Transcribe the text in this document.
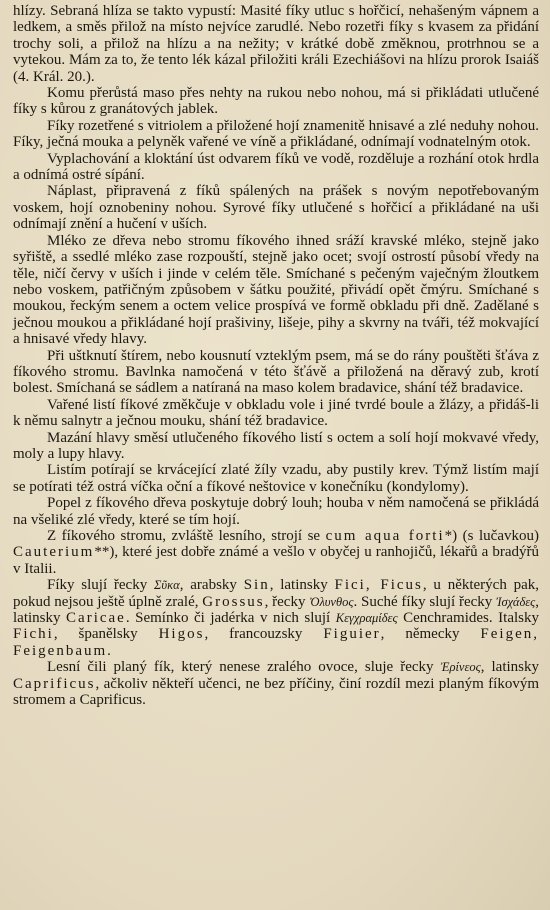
hlízy. Sebraná hlíza se takto vypustí: Masité fíky utluc s hořčicí, nehašeným vápnem a ledkem, a směs přilož na místo nejvíce zarudlé. Nebo rozetři fíky s kvasem za přidání trochy soli, a přilož na hlízu a na nežity; v krátké době změknou, protrhnou se a vytekou. Mám za to, že tento lék kázal přiložiti králi Ezechiášovi na hlízu prorok Isaiáš (4. Král. 20.).

Komu přerůstá maso přes nehty na rukou nebo nohou, má si přikládati utlučené fíky s kůrou z granátových jablek.

Fíky rozetřené s vitriolem a přiložené hojí znamenitě hnisavé a zlé neduhy nohou. Fíky, ječná mouka a pelyněk vařené ve víně a přikládané, odnímají vodnatelným otok.

Vyplachování a kloktání úst odvarem fíků ve vodě, rozděluje a rozhání otok hrdla a odnímá ostré sípání.

Náplast, připravená z fíků spálených na prášek s novým nepotřebovaným voskem, hojí oznobeniny nohou. Syrové fíky utlučené s hořčicí a přikládané na uši odnímají znění a hučení v uších.

Mléko ze dřeva nebo stromu fíkového ihned sráží kravské mléko, stejně jako syřiště, a ssedlé mléko zase rozpouští, stejně jako ocet; svojí ostrostí působí vředy na těle, ničí červy v uších i jinde v celém těle. Smíchané s pečeným vaječným žloutkem nebo voskem, patřičným způsobem v šátku použité, přivádí opět čmýru. Smíchané s moukou, řeckým senem a octem velice prospívá ve formě obkladu při dně. Zadělané s ječnou moukou a přikládané hojí prašiviny, lišeje, pihy a skvrny na tváři, též mokvající a hnisavé vředy hlavy.

Při uštknutí štírem, nebo kousnutí vzteklým psem, má se do rány pouštěti šťáva z fíkového stromu. Bavlnka namočená v této šťávě a přiložená na děravý zub, krotí bolest. Smíchaná se sádlem a natíraná na maso kolem bradavice, shání též bradavice.

Vařené listí fíkové změkčuje v obkladu vole i jiné tvrdé boule a žlázy, a přidáš-li k němu salnytr a ječnou mouku, shání též bradavice.

Mazání hlavy směsí utlučeného fíkového listí s octem a solí hojí mokvavé vředy, moly a lupy hlavy.

Listím potírají se krvácející zlaté žíly vzadu, aby pustily krev. Týmž listím mají se potírati též ostrá víčka oční a fíkové neštovice v konečníku (kondylomy).

Popel z fíkového dřeva poskytuje dobrý louh; houba v něm namočená se přikládá na všeliké zlé vředy, které se tím hojí.

Z fíkového stromu, zvláště lesního, strojí se cum aqua forti*) (s lučavkou) Cauterium**), které jest dobře známé a vešlo v obyčej u ranhojičů, lékařů a bradýřů v Italii.

Fíky slují řecky Σῦκα, arabsky Sin, latinsky Fici, Ficus, u některých pak, pokud nejsou ještě úplně zralé, Grossus, řecky Ὀλυνθος. Suché fíky slují řecky Ἰσχάδες, latinsky Caricae. Semínko či jadérka v nich slují Κεγχραμίδες Cenchramides. Italsky Fichi, španělsky Higos, francouzsky Figuier, německy Feigen, Feigenbaum.

Lesní čili planý fík, který nenese zralého ovoce, sluje řecky Ἐρίνεος, latinsky Caprificus, ačkoliv někteří učenci, ne bez příčiny, činí rozdíl mezi planým fíkovým stromem a Caprificus.
